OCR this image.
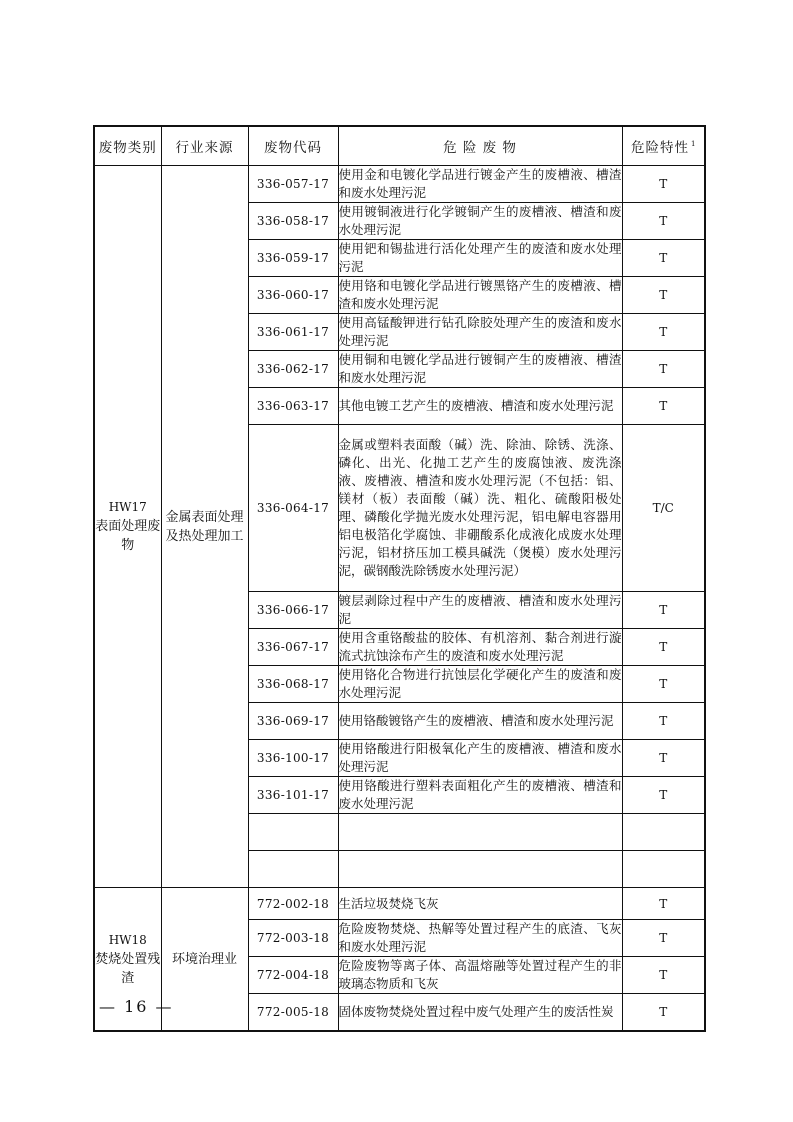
废物类别	行业来源	废物代码	危 险 废 物	危险特性 $^1$

HW17
表面处理废物	金属表面处理及热处理加工	336-057-17	使用金和电镀化学品进行镀金产生的废槽液、槽渣和废水处理污泥	T
		336-058-17	使用镀铜液进行化学镀铜产生的废槽液、槽渣和废水处理污泥	T
		336-059-17	使用钯和锡盐进行活化处理产生的废渣和废水处理污泥	T
		336-060-17	使用铬和电镀化学品进行镀黑铬产生的废槽液、槽渣和废水处理污泥	T
		336-061-17	使用高锰酸钾进行钻孔除胶处理产生的废渣和废水处理污泥	T
		336-062-17	使用铜和电镀化学品进行镀铜产生的废槽液、槽渣和废水处理污泥	T
		336-063-17	其他电镀工艺产生的废槽液、槽渣和废水处理污泥	T
		336-064-17	金属或塑料表面酸（碱）洗、除油、除锈、洗涤、磷化、出光、化抛工艺产生的废腐蚀液、废洗涤液、废槽液、槽渣和废水处理污泥（不包括：铝、镁材（板）表面酸（碱）洗、粗化、硫酸阳极处理、磷酸化学抛光废水处理污泥，铝电解电容器用铝电极箔化学腐蚀、非硼酸系化成液化成废水处理污泥，铝材挤压加工模具碱洗（煲模）废水处理污泥，碳钢酸洗除锈废水处理污泥）	T/C
		336-066-17	镀层剥除过程中产生的废槽液、槽渣和废水处理污泥	T
		336-067-17	使用含重铬酸盐的胶体、有机溶剂、黏合剂进行漩流式抗蚀涂布产生的废渣和废水处理污泥	T
		336-068-17	使用铬化合物进行抗蚀层化学硬化产生的废渣和废水处理污泥	T
		336-069-17	使用铬酸镀铬产生的废槽液、槽渣和废水处理污泥	T
		336-100-17	使用铬酸进行阳极氧化产生的废槽液、槽渣和废水处理污泥	T
		336-101-17	使用铬酸进行塑料表面粗化产生的废槽液、槽渣和废水处理污泥	T

HW18
焚烧处置残渣	环境治理业	772-002-18	生活垃圾焚烧飞灰	T
		772-003-18	危险废物焚烧、热解等处置过程产生的底渣、飞灰和废水处理污泥	T
		772-004-18	危险废物等离子体、高温熔融等处置过程产生的非玻璃态物质和飞灰	T
		772-005-18	固体废物焚烧处置过程中废气处理产生的废活性炭	T
— 16 —
